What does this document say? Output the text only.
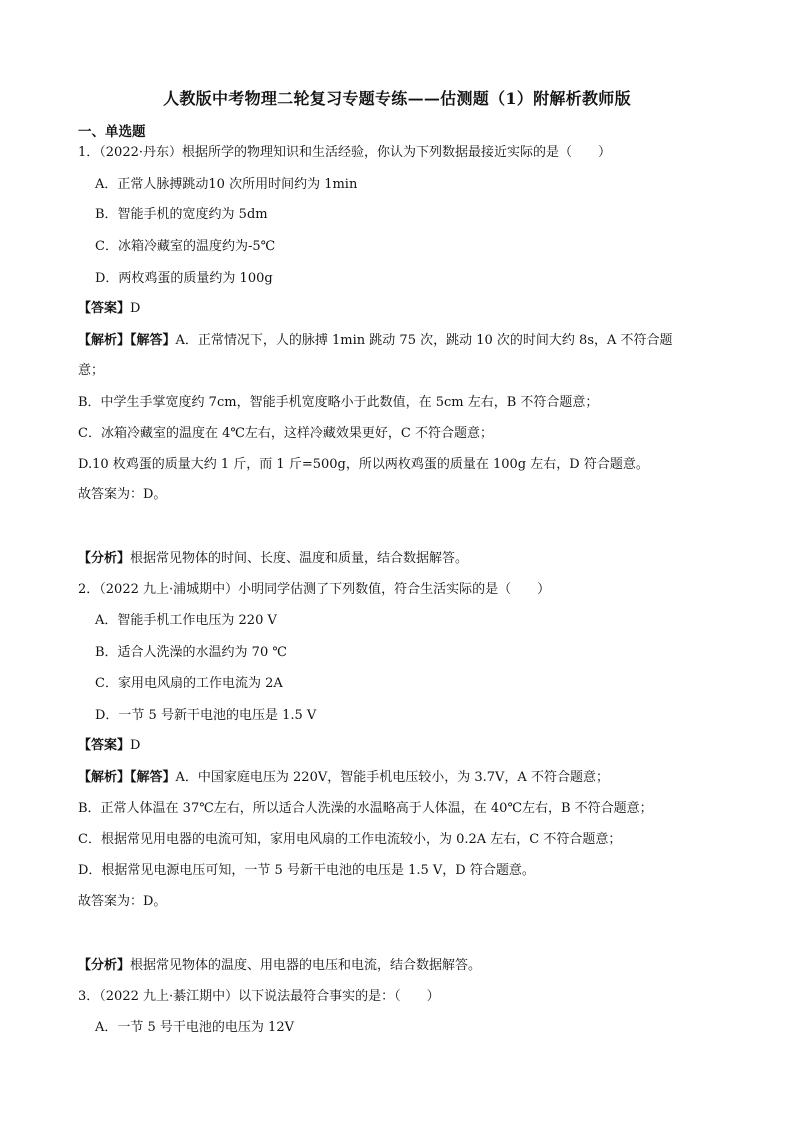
人教版中考物理二轮复习专题专练——估测题（1）附解析教师版
一、单选题
1．（2022·丹东）根据所学的物理知识和生活经验，你认为下列数据最接近实际的是（　　）
A．正常人脉搏跳动10 次所用时间约为 1min
B．智能手机的宽度约为 5dm
C．冰箱冷藏室的温度约为-5℃
D．两枚鸡蛋的质量约为 100g
【答案】D
【解析】【解答】A．正常情况下，人的脉搏 1min 跳动 75 次，跳动 10 次的时间大约 8s，A 不符合题
意；
B．中学生手掌宽度约 7cm，智能手机宽度略小于此数值，在 5cm 左右，B 不符合题意；
C．冰箱冷藏室的温度在 4℃左右，这样冷藏效果更好，C 不符合题意；
D.10 枚鸡蛋的质量大约 1 斤，而 1 斤=500g，所以两枚鸡蛋的质量在 100g 左右，D 符合题意。
故答案为：D。
【分析】根据常见物体的时间、长度、温度和质量，结合数据解答。
2．（2022 九上·浦城期中）小明同学估测了下列数值，符合生活实际的是（　　）
A．智能手机工作电压为 220 V
B．适合人洗澡的水温约为 70 ℃
C．家用电风扇的工作电流为 2A
D．一节 5 号新干电池的电压是 1.5 V
【答案】D
【解析】【解答】A．中国家庭电压为 220V，智能手机电压较小，为 3.7V，A 不符合题意；
B．正常人体温在 37℃左右，所以适合人洗澡的水温略高于人体温，在 40℃左右，B 不符合题意；
C．根据常见用电器的电流可知，家用电风扇的工作电流较小，为 0.2A 左右，C 不符合题意；
D．根据常见电源电压可知，一节 5 号新干电池的电压是 1.5 V，D 符合题意。
故答案为：D。
【分析】根据常见物体的温度、用电器的电压和电流，结合数据解答。
3．（2022 九上·綦江期中）以下说法最符合事实的是：（　　）
A．一节 5 号干电池的电压为 12V
